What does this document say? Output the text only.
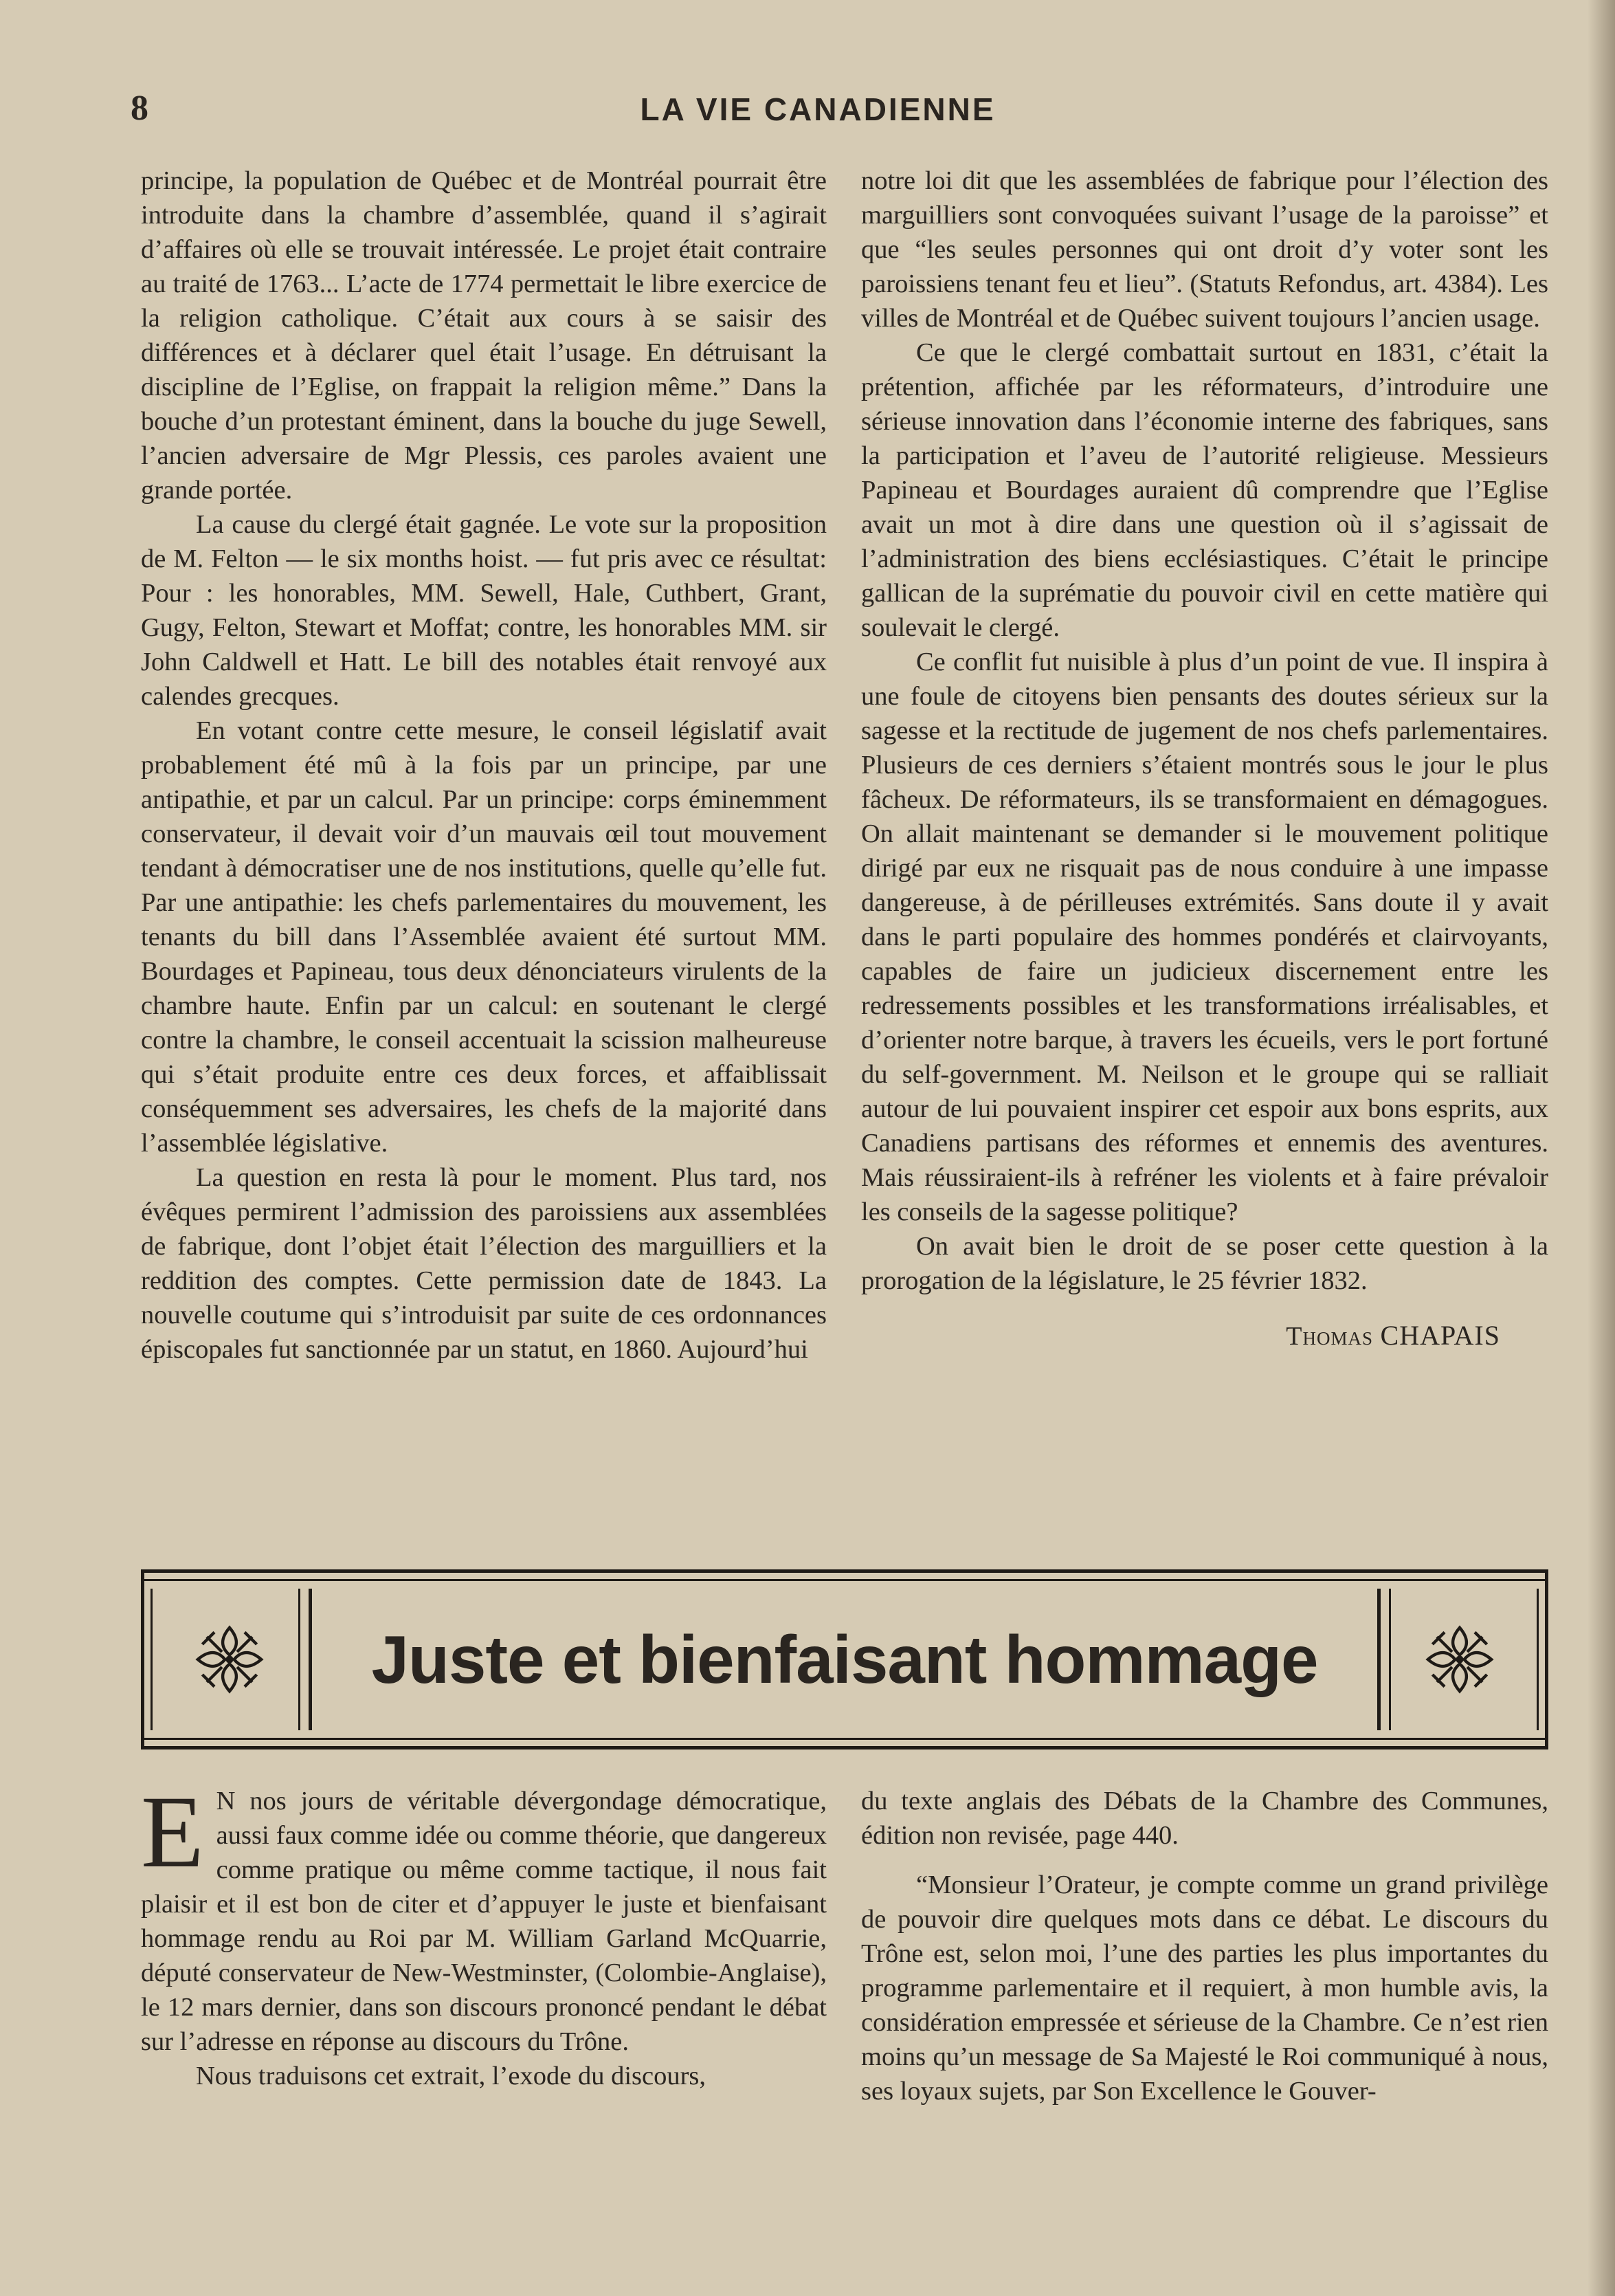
8	LA VIE CANADIENNE

principe, la population de Québec et de Montréal pourrait être introduite dans la chambre d’assemblée, quand il s’agirait d’affaires où elle se trouvait intéressée. Le projet était contraire au traité de 1763... L’acte de 1774 permettait le libre exercice de la religion catholique. C’était aux cours à se saisir des différences et à déclarer quel était l’usage. En détruisant la discipline de l’Eglise, on frappait la religion même.” Dans la bouche d’un protestant éminent, dans la bouche du juge Sewell, l’ancien adversaire de Mgr Plessis, ces paroles avaient une grande portée.

La cause du clergé était gagnée. Le vote sur la proposition de M. Felton — le six months hoist. — fut pris avec ce résultat: Pour : les honorables, MM. Sewell, Hale, Cuthbert, Grant, Gugy, Felton, Stewart et Moffat; contre, les honorables MM. sir John Caldwell et Hatt. Le bill des notables était renvoyé aux calendes grecques.

En votant contre cette mesure, le conseil législatif avait probablement été mû à la fois par un principe, par une antipathie, et par un calcul. Par un principe: corps éminemment conservateur, il devait voir d’un mauvais œil tout mouvement tendant à démocratiser une de nos institutions, quelle qu’elle fut. Par une antipathie: les chefs parlementaires du mouvement, les tenants du bill dans l’Assemblée avaient été surtout MM. Bourdages et Papineau, tous deux dénonciateurs virulents de la chambre haute. Enfin par un calcul: en soutenant le clergé contre la chambre, le conseil accentuait la scission malheureuse qui s’était produite entre ces deux forces, et affaiblissait conséquemment ses adversaires, les chefs de la majorité dans l’assemblée législative.

La question en resta là pour le moment. Plus tard, nos évêques permirent l’admission des paroissiens aux assemblées de fabrique, dont l’objet était l’élection des marguilliers et la reddition des comptes. Cette permission date de 1843. La nouvelle coutume qui s’introduisit par suite de ces ordonnances épiscopales fut sanctionnée par un statut, en 1860. Aujourd’hui

notre loi dit que les assemblées de fabrique pour l’élection des marguilliers sont convoquées suivant l’usage de la paroisse” et que “les seules personnes qui ont droit d’y voter sont les paroissiens tenant feu et lieu”. (Statuts Refondus, art. 4384). Les villes de Montréal et de Québec suivent toujours l’ancien usage.

Ce que le clergé combattait surtout en 1831, c’était la prétention, affichée par les réformateurs, d’introduire une sérieuse innovation dans l’économie interne des fabriques, sans la participation et l’aveu de l’autorité religieuse. Messieurs Papineau et Bourdages auraient dû comprendre que l’Eglise avait un mot à dire dans une question où il s’agissait de l’administration des biens ecclésiastiques. C’était le principe gallican de la suprématie du pouvoir civil en cette matière qui soulevait le clergé.

Ce conflit fut nuisible à plus d’un point de vue. Il inspira à une foule de citoyens bien pensants des doutes sérieux sur la sagesse et la rectitude de jugement de nos chefs parlementaires. Plusieurs de ces derniers s’étaient montrés sous le jour le plus fâcheux. De réformateurs, ils se transformaient en démagogues. On allait maintenant se demander si le mouvement politique dirigé par eux ne risquait pas de nous conduire à une impasse dangereuse, à de périlleuses extrémités. Sans doute il y avait dans le parti populaire des hommes pondérés et clairvoyants, capables de faire un judicieux discernement entre les redressements possibles et les transformations irréalisables, et d’orienter notre barque, à travers les écueils, vers le port fortuné du self-government. M. Neilson et le groupe qui se ralliait autour de lui pouvaient inspirer cet espoir aux bons esprits, aux Canadiens partisans des réformes et ennemis des aventures. Mais réussiraient-ils à refréner les violents et à faire prévaloir les conseils de la sagesse politique?

On avait bien le droit de se poser cette question à la prorogation de la législature, le 25 février 1832.

Thomas CHAPAIS
Juste et bienfaisant hommage

E N nos jours de véritable dévergondage démocratique, aussi faux comme idée ou comme théorie, que dangereux comme pratique ou même comme tactique, il nous fait plaisir et il est bon de citer et d’appuyer le juste et bienfaisant hommage rendu au Roi par M. William Garland McQuarrie, député conservateur de New-Westminster, (Colombie-Anglaise), le 12 mars dernier, dans son discours prononcé pendant le débat sur l’adresse en réponse au discours du Trône.

Nous traduisons cet extrait, l’exode du discours,

du texte anglais des Débats de la Chambre des Communes, édition non revisée, page 440.

“Monsieur l’Orateur, je compte comme un grand privilège de pouvoir dire quelques mots dans ce débat. Le discours du Trône est, selon moi, l’une des parties les plus importantes du programme parlementaire et il requiert, à mon humble avis, la considération empressée et sérieuse de la Chambre. Ce n’est rien moins qu’un message de Sa Majesté le Roi communiqué à nous, ses loyaux sujets, par Son Excellence le Gouver-
